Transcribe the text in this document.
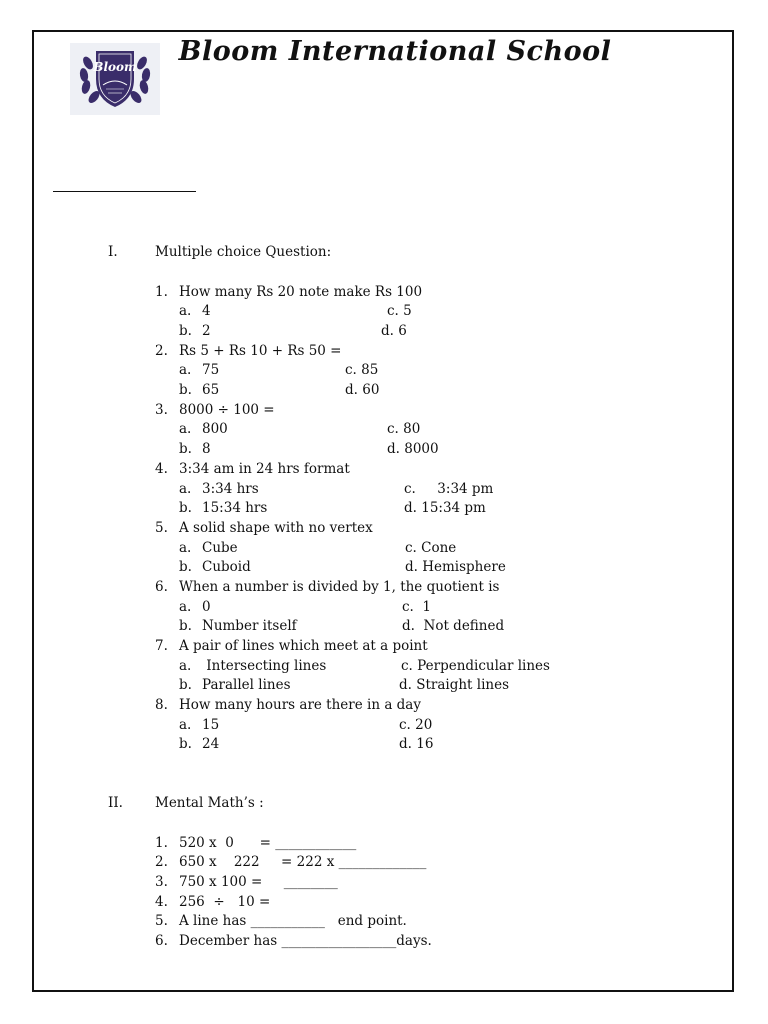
Bloom	Bloom International School
I.	Multiple choice Question:
1. How many Rs 20 note make Rs 100
a. 4	c. 5
b. 2	d. 6
2. Rs 5 + Rs 10 + Rs 50 =
a. 75	c. 85
b. 65	d. 60
3. 8000 ÷ 100 =
a. 800	c. 80
b. 8	d. 8000
4. 3:34 am in 24 hrs format
a. 3:34 hrs	c.     3:34 pm
b. 15:34 hrs	d. 15:34 pm
5. A solid shape with no vertex
a. Cube	c. Cone
b. Cuboid	d. Hemisphere
6. When a number is divided by 1, the quotient is
a. 0	c.  1
b. Number itself	d.  Not defined
7. A pair of lines which meet at a point
a. Intersecting lines	c. Perpendicular lines
b. Parallel lines	d. Straight lines
8. How many hours are there in a day
a. 15	c. 20
b. 24	d. 16
II. Mental Math’s :
1. 520 x  0      = ____________
2. 650 x    222     = 222 x _____________
3. 750 x 100 =     ________
4. 256  ÷   10 =
5. A line has ___________   end point.
6. December has _________________days.
